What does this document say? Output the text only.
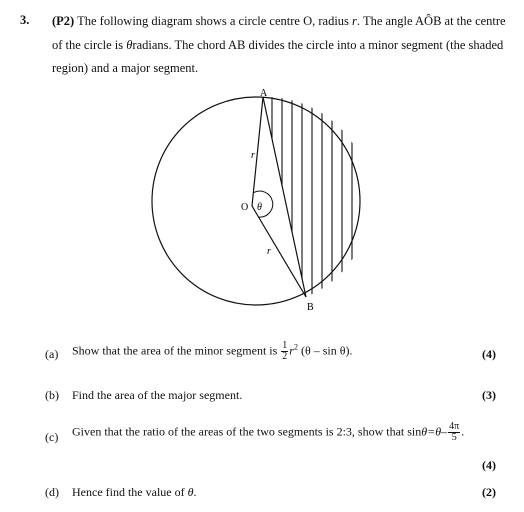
3. (P2) The following diagram shows a circle centre O, radius r. The angle AÔB at the centre
of the circle is θradians. The chord AB divides the circle into a minor segment (the shaded
region) and a major segment.
A
B
O θ
r
r
(a) Show that the area of the minor segment is $\frac{1}{2} r^2$ (θ – sin θ).	(4)
(b) Find the area of the major segment.	(3)
(c) Given that the ratio of the areas of the two segments is 2:3, show that $\sin\theta=\theta- \frac{4\pi}{5}$ .
(4)
(d) Hence find the value of θ.	(2)
